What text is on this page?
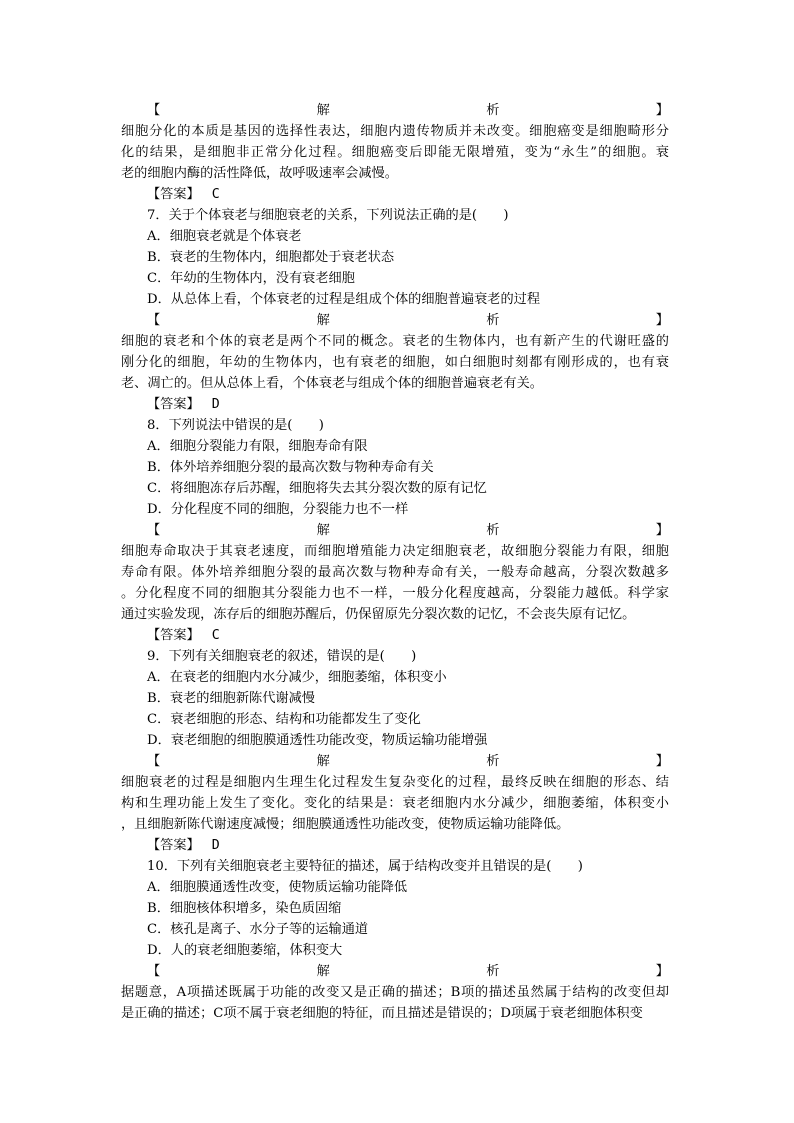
【	解	析	】
细胞分化的本质是基因的选择性表达，细胞内遗传物质并未改变。细胞癌变是细胞畸形分
化的结果，是细胞非正常分化过程。细胞癌变后即能无限增殖，变为“永生”的细胞。衰
老的细胞内酶的活性降低，故呼吸速率会减慢。
【答案】 C
7．关于个体衰老与细胞衰老的关系，下列说法正确的是(　　)
A．细胞衰老就是个体衰老
B．衰老的生物体内，细胞都处于衰老状态
C．年幼的生物体内，没有衰老细胞
D．从总体上看，个体衰老的过程是组成个体的细胞普遍衰老的过程
【	解	析	】
细胞的衰老和个体的衰老是两个不同的概念。衰老的生物体内，也有新产生的代谢旺盛的
刚分化的细胞，年幼的生物体内，也有衰老的细胞，如白细胞时刻都有刚形成的，也有衰
老、凋亡的。但从总体上看，个体衰老与组成个体的细胞普遍衰老有关。
【答案】 D
8．下列说法中错误的是(　　)
A．细胞分裂能力有限，细胞寿命有限
B．体外培养细胞分裂的最高次数与物种寿命有关
C．将细胞冻存后苏醒，细胞将失去其分裂次数的原有记忆
D．分化程度不同的细胞，分裂能力也不一样
【	解	析	】
细胞寿命取决于其衰老速度，而细胞增殖能力决定细胞衰老，故细胞分裂能力有限，细胞
寿命有限。体外培养细胞分裂的最高次数与物种寿命有关，一般寿命越高，分裂次数越多
。分化程度不同的细胞其分裂能力也不一样，一般分化程度越高，分裂能力越低。科学家
通过实验发现，冻存后的细胞苏醒后，仍保留原先分裂次数的记忆，不会丧失原有记忆。
【答案】 C
9．下列有关细胞衰老的叙述，错误的是(　　)
A．在衰老的细胞内水分减少，细胞萎缩，体积变小
B．衰老的细胞新陈代谢减慢
C．衰老细胞的形态、结构和功能都发生了变化
D．衰老细胞的细胞膜通透性功能改变，物质运输功能增强
【	解	析	】
细胞衰老的过程是细胞内生理生化过程发生复杂变化的过程，最终反映在细胞的形态、结
构和生理功能上发生了变化。变化的结果是：衰老细胞内水分减少，细胞萎缩，体积变小
，且细胞新陈代谢速度减慢；细胞膜通透性功能改变，使物质运输功能降低。
【答案】 D
10．下列有关细胞衰老主要特征的描述，属于结构改变并且错误的是(　　)
A．细胞膜通透性改变，使物质运输功能降低
B．细胞核体积增多，染色质固缩
C．核孔是离子、水分子等的运输通道
D．人的衰老细胞萎缩，体积变大
【	解	析	】
据题意，A项描述既属于功能的改变又是正确的描述；B项的描述虽然属于结构的改变但却
是正确的描述；C项不属于衰老细胞的特征，而且描述是错误的；D项属于衰老细胞体积变
